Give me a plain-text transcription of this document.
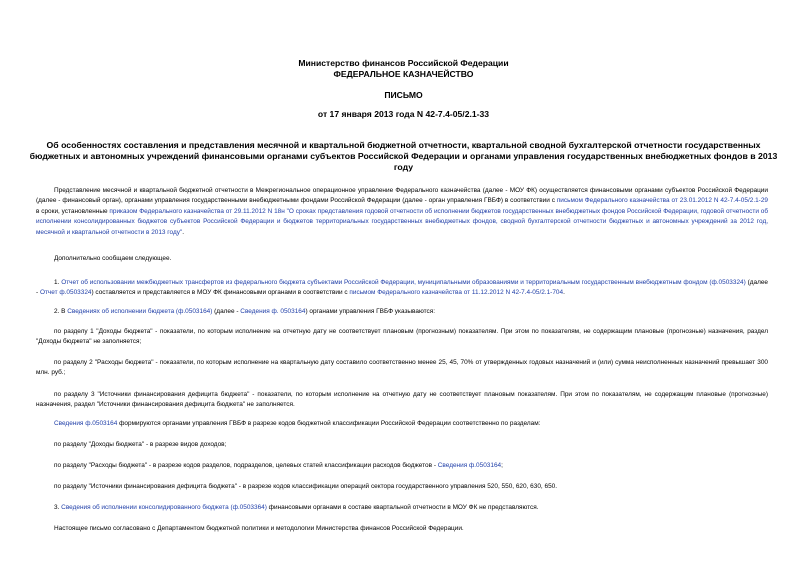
Министерство финансов Российской Федерации
ФЕДЕРАЛЬНОЕ КАЗНАЧЕЙСТВО
ПИСЬМО
от 17 января 2013 года N 42-7.4-05/2.1-33
Об особенностях составления и представления месячной и квартальной бюджетной отчетности, квартальной сводной бухгалтерской отчетности государственных бюджетных и автономных учреждений финансовыми органами субъектов Российской Федерации и органами управления государственных внебюджетных фондов в 2013 году

Представление месячной и квартальной бюджетной отчетности в Межрегиональное операционное управление Федерального казначейства (далее - МОУ ФК) осуществляется финансовыми органами субъектов Российской Федерации (далее - финансовый орган), органами управления государственными внебюджетными фондами Российской Федерации (далее - орган управления ГВБФ) в соответствии с письмом Федерального казначейства от 23.01.2012 N 42-7.4-05/2.1-29 в сроки, установленные приказом Федерального казначейства от 29.11.2012 N 18н "О сроках представления годовой отчетности об исполнении бюджетов государственных внебюджетных фондов Российской Федерации, годовой отчетности об исполнении консолидированных бюджетов субъектов Российской Федерации и бюджетов территориальных государственных внебюджетных фондов, сводной бухгалтерской отчетности бюджетных и автономных учреждений за 2012 год, месячной и квартальной отчетности в 2013 году".

Дополнительно сообщаем следующее.

1. Отчет об использовании межбюджетных трансфертов из федерального бюджета субъектами Российской Федерации, муниципальными образованиями и территориальным государственным внебюджетным фондом (ф.0503324) (далее - Отчет ф.0503324) составляется и представляется в МОУ ФК финансовыми органами в соответствии с письмом Федерального казначейства от 11.12.2012 N 42-7.4-05/2.1-704.

2. В Сведениях об исполнении бюджета (ф.0503164) (далее - Сведения ф. 0503164) органами управления ГВБФ указываются:

по разделу 1 "Доходы бюджета" - показатели, по которым исполнение на отчетную дату не соответствует плановым (прогнозным) показателям. При этом по показателям, не содержащим плановые (прогнозные) назначения, раздел "Доходы бюджета" не заполняется;

по разделу 2 "Расходы бюджета" - показатели, по которым исполнение на квартальную дату составило соответственно менее 25, 45, 70% от утвержденных годовых назначений и (или) сумма неисполненных назначений превышает 300 млн. руб.;

по разделу 3 "Источники финансирования дефицита бюджета" - показатели, по которым исполнение на отчетную дату не соответствует плановым показателям. При этом по показателям, не содержащим плановые (прогнозные) назначения, раздел "Источники финансирования дефицита бюджета" не заполняется.

Сведения ф.0503164 формируются органами управления ГВБФ в разрезе кодов бюджетной классификации Российской Федерации соответственно по разделам:

по разделу "Доходы бюджета" - в разрезе видов доходов;

по разделу "Расходы бюджета" - в разрезе кодов разделов, подразделов, целевых статей классификации расходов бюджетов - Сведения ф.0503164;

по разделу "Источники финансирования дефицита бюджета" - в разрезе кодов классификации операций сектора государственного управления 520, 550, 620, 630, 650.

3. Сведения об исполнении консолидированного бюджета (ф.0503364) финансовыми органами в составе квартальной отчетности в МОУ ФК не представляются.

Настоящее письмо согласовано с Департаментом бюджетной политики и методологии Министерства финансов Российской Федерации.
